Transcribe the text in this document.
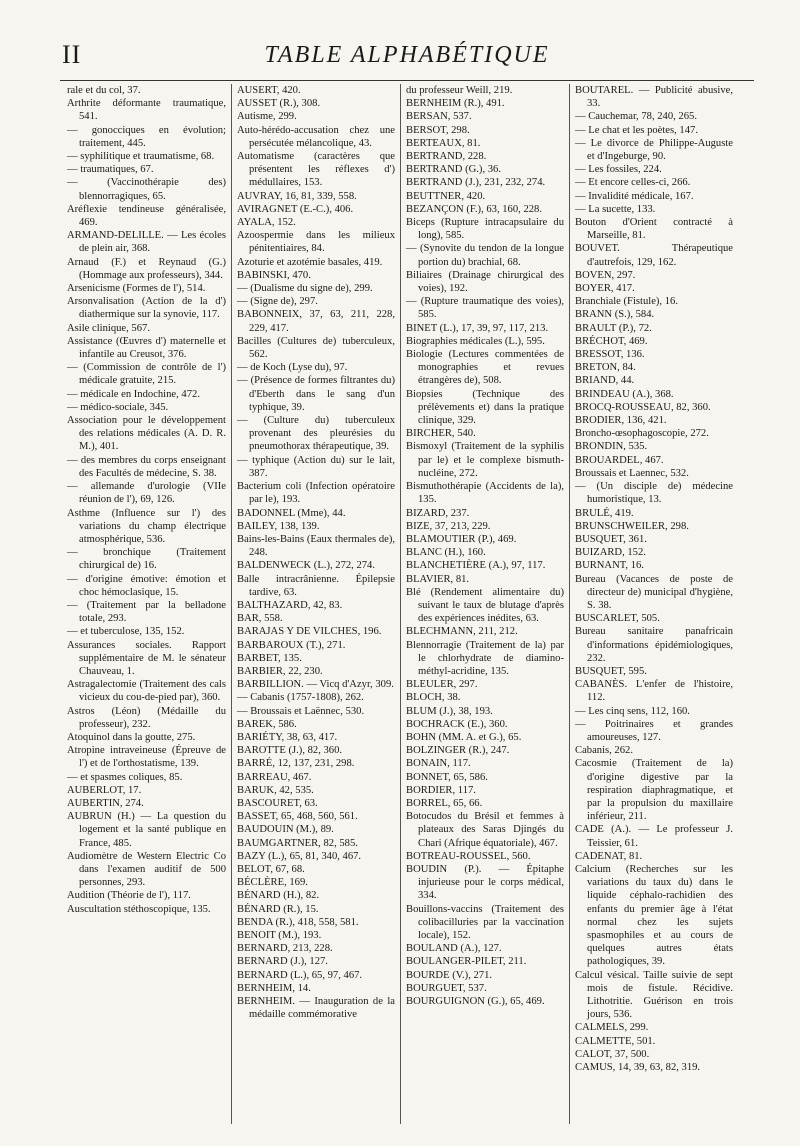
II	TABLE ALPHABÉTIQUE

rale et du col, 37.

Arthrite déformante traumatique, 541.

— gonocciques en évolution; traitement, 445.

— syphilitique et traumatisme, 68.

— traumatiques, 67.

— (Vaccinothérapie des) blennorragiques, 65.

Aréflexie tendineuse généralisée, 469.

ARMAND-DELILLE. — Les écoles de plein air, 368.

Arnaud (F.) et Reynaud (G.) (Hommage aux professeurs), 344.

Arsenicisme (Formes de l'), 514.

Arsonvalisation (Action de la d') diathermique sur la synovie, 117.

Asile clinique, 567.

Assistance (Œuvres d') maternelle et infantile au Creusot, 376.

— (Commission de contrôle de l') médicale gratuite, 215.

— médicale en Indochine, 472.

— médico-sociale, 345.

Association pour le développement des relations médicales (A. D. R. M.), 401.

— des membres du corps enseignant des Facultés de médecine, S. 38.

— allemande d'urologie (VIIe réunion de l'), 69, 126.

Asthme (Influence sur l') des variations du champ électrique atmosphérique, 536.

— bronchique (Traitement chirurgical de) 16.

— d'origine émotive: émotion et choc hémoclasique, 15.

— (Traitement par la belladone totale, 293.

— et tuberculose, 135, 152.

Assurances sociales. Rapport supplémentaire de M. le sénateur Chauveau, 1.

Astragalectomie (Traitement des cals vicieux du cou-de-pied par), 360.

Astros (Léon) (Médaille du professeur), 232.

Atoquinol dans la goutte, 275.

Atropine intraveineuse (Épreuve de l') et de l'orthostatisme, 139.

— et spasmes coliques, 85.

AUBERLOT, 17.

AUBERTIN, 274.

AUBRUN (H.) — La question du logement et la santé publique en France, 485.

Audiomètre de Western Electric Co dans l'examen auditif de 500 personnes, 293.

Audition (Théorie de l'), 117.

Auscultation stéthoscopique, 135.

AUSERT, 420.

AUSSET (R.), 308.

Autisme, 299.

Auto-hérédo-accusation chez une persécutée mélancolique, 43.

Automatisme (caractères que présentent les réflexes d') médullaires, 153.

AUVRAY, 16, 81, 339, 558.

AVIRAGNET (E.-C.), 406.

AYALA, 152.

Azoospermie dans les milieux pénitentiaires, 84.

Azoturie et azotémie basales, 419.

BABINSKI, 470.

— (Dualisme du signe de), 299.

— (Signe de), 297.

BABONNEIX, 37, 63, 211, 228, 229, 417.

Bacilles (Cultures de) tuberculeux, 562.

— de Koch (Lyse du), 97.

— (Présence de formes filtrantes du) d'Eberth dans le sang d'un typhique, 39.

— (Culture du) tuberculeux provenant des pleurésies du pneumothorax thérapeutique, 39.

— typhique (Action du) sur le lait, 387.

Bacterium coli (Infection opératoire par le), 193.

BADONNEL (Mme), 44.

BAILEY, 138, 139.

Bains-les-Bains (Eaux thermales de), 248.

BALDENWECK (L.), 272, 274.

Balle intracrânienne. Épilepsie tardive, 63.

BALTHAZARD, 42, 83.

BAR, 558.

BARAJAS Y DE VILCHES, 196.

BARBAROUX (T.), 271.

BARBET, 135.

BARBIER, 22, 230.

BARBILLION. — Vicq d'Azyr, 309.

— Cabanis (1757-1808), 262.

— Broussais et Laënnec, 530.

BAREK, 586.

BARIÉTY, 38, 63, 417.

BAROTTE (J.), 82, 360.

BARRÉ, 12, 137, 231, 298.

BARREAU, 467.

BARUK, 42, 535.

BASCOURET, 63.

BASSET, 65, 468, 560, 561.

BAUDOUIN (M.), 89.

BAUMGARTNER, 82, 585.

BAZY (L.), 65, 81, 340, 467.

BELOT, 67, 68.

BÉCLÈRE, 169.

BÉNARD (H.), 82.

BÉNARD (R.), 15.

BENDA (R.), 418, 558, 581.

BENOIT (M.), 193.

BERNARD, 213, 228.

BERNARD (J.), 127.

BERNARD (L.), 65, 97, 467.

BERNHEIM, 14.

BERNHEIM. — Inauguration de la médaille commémorative

du professeur Weill, 219.

BERNHEIM (R.), 491.

BERSAN, 537.

BERSOT, 298.

BERTEAUX, 81.

BERTRAND, 228.

BERTRAND (G.), 36.

BERTRAND (J.), 231, 232, 274.

BEUTTNER, 420.

BEZANÇON (F.), 63, 160, 228.

Biceps (Rupture intracapsulaire du long), 585.

— (Synovite du tendon de la longue portion du) brachial, 68.

Biliaires (Drainage chirurgical des voies), 192.

— (Rupture traumatique des voies), 585.

BINET (L.), 17, 39, 97, 117, 213.

Biographies médicales (L.), 595.

Biologie (Lectures commentées de monographies et revues étrangères de), 508.

Biopsies (Technique des prélèvements et) dans la pratique clinique, 329.

BIRCHER, 540.

Bismoxyl (Traitement de la syphilis par le) et le complexe bismuth-nucléine, 272.

Bismuthothérapie (Accidents de la), 135.

BIZARD, 237.

BIZE, 37, 213, 229.

BLAMOUTIER (P.), 469.

BLANC (H.), 160.

BLANCHETIÈRE (A.), 97, 117.

BLAVIER, 81.

Blé (Rendement alimentaire du) suivant le taux de blutage d'après des expériences inédites, 63.

BLECHMANN, 211, 212.

Blennorragie (Traitement de la) par le chlorhydrate de diamino-méthyl-acridine, 135.

BLEULER, 297.

BLOCH, 38.

BLUM (J.), 38, 193.

BOCHRACK (E.), 360.

BOHN (MM. A. et G.), 65.

BOLZINGER (R.), 247.

BONAIN, 117.

BONNET, 65, 586.

BORDIER, 117.

BORREL, 65, 66.

Botocudos du Brésil et femmes à plateaux des Saras Djingés du Chari (Afrique équatoriale), 467.

BOTREAU-ROUSSEL, 560.

BOUDIN (P.). — Épitaphe injurieuse pour le corps médical, 334.

Bouillons-vaccins (Traitement des colibacilluries par la vaccination locale), 152.

BOULAND (A.), 127.

BOULANGER-PILET, 211.

BOURDE (V.), 271.

BOURGUET, 537.

BOURGUIGNON (G.), 65, 469.

BOUTAREL. — Publicité abusive, 33.

— Cauchemar, 78, 240, 265.

— Le chat et les poètes, 147.

— Le divorce de Philippe-Auguste et d'Ingeburge, 90.

— Les fossiles, 224.

— Et encore celles-ci, 266.

— Invalidité médicale, 167.

— La sucette, 133.

Bouton d'Orient contracté à Marseille, 81.

BOUVET. Thérapeutique d'autrefois, 129, 162.

BOVEN, 297.

BOYER, 417.

Branchiale (Fistule), 16.

BRANN (S.), 584.

BRAULT (P.), 72.

BRÉCHOT, 469.

BRESSOT, 136.

BRETON, 84.

BRIAND, 44.

BRINDEAU (A.), 368.

BROCQ-ROUSSEAU, 82, 360.

BRODIER, 136, 421.

Broncho-œsophagoscopie, 272.

BRONDIN, 535.

BROUARDEL, 467.

Broussais et Laennec, 532.

— (Un disciple de) médecine humoristique, 13.

BRULÉ, 419.

BRUNSCHWEILER, 298.

BUSQUET, 361.

BUIZARD, 152.

BURNANT, 16.

Bureau (Vacances de poste de directeur de) municipal d'hygiène, S. 38.

BUSCARLET, 505.

Bureau sanitaire panafricain d'informations épidémiologiques, 232.

BUSQUET, 595.

CABANÈS. L'enfer de l'histoire, 112.

— Les cinq sens, 112, 160.

— Poitrinaires et grandes amoureuses, 127.

Cabanis, 262.

Cacosmie (Traitement de la) d'origine digestive par la respiration diaphragmatique, et par la propulsion du maxillaire inférieur, 211.

CADE (A.). — Le professeur J. Teissier, 61.

CADENAT, 81.

Calcium (Recherches sur les variations du taux du) dans le liquide céphalo-rachidien des enfants du premier âge à l'état normal chez les sujets spasmophiles et au cours de quelques autres états pathologiques, 39.

Calcul vésical. Taille suivie de sept mois de fistule. Récidive. Lithotritie. Guérison en trois jours, 536.

CALMELS, 299.

CALMETTE, 501.

CALOT, 37, 500.

CAMUS, 14, 39, 63, 82, 319.
